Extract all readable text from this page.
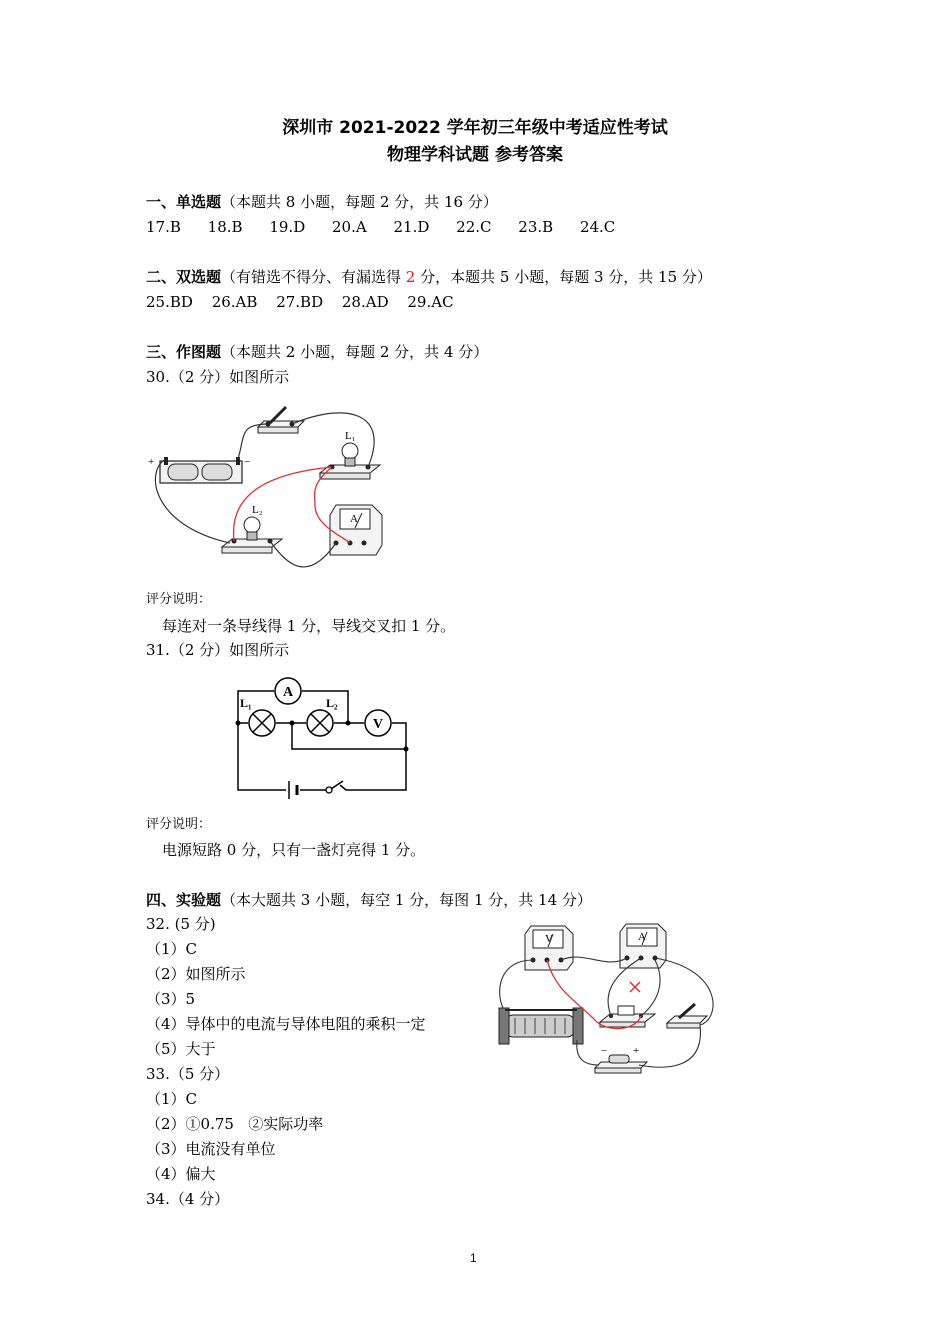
深圳市 2021-2022 学年初三年级中考适应性考试
物理学科试题 参考答案
一、单选题（本题共 8 小题，每题 2 分，共 16 分）
17.B 18.B 19.D 20.A 21.D 22.C 23.B 24.C
二、双选题（有错选不得分、有漏选得 2 分，本题共 5 小题，每题 3 分，共 15 分）
25.BD 26.AB 27.BD 28.AD 29.AC
三、作图题（本题共 2 小题，每题 2 分，共 4 分）
30.（2 分）如图所示
+	−
L₁
L₂
A
评分说明：
每连对一条导线得 1 分，导线交叉扣 1 分。
31.（2 分）如图所示
A
V
L₁	L₂
评分说明：
电源短路 0 分，只有一盏灯亮得 1 分。
四、实验题（本大题共 3 小题，每空 1 分，每图 1 分，共 14 分）
32. (5 分)
（1）C
（2）如图所示
（3）5
（4）导体中的电流与导体电阻的乘积一定
（5）大于
V	A
− +
33.（5 分）
（1）C
（2）①0.75   ②实际功率
（3）电流没有单位
（4）偏大
34.（4 分）
1
